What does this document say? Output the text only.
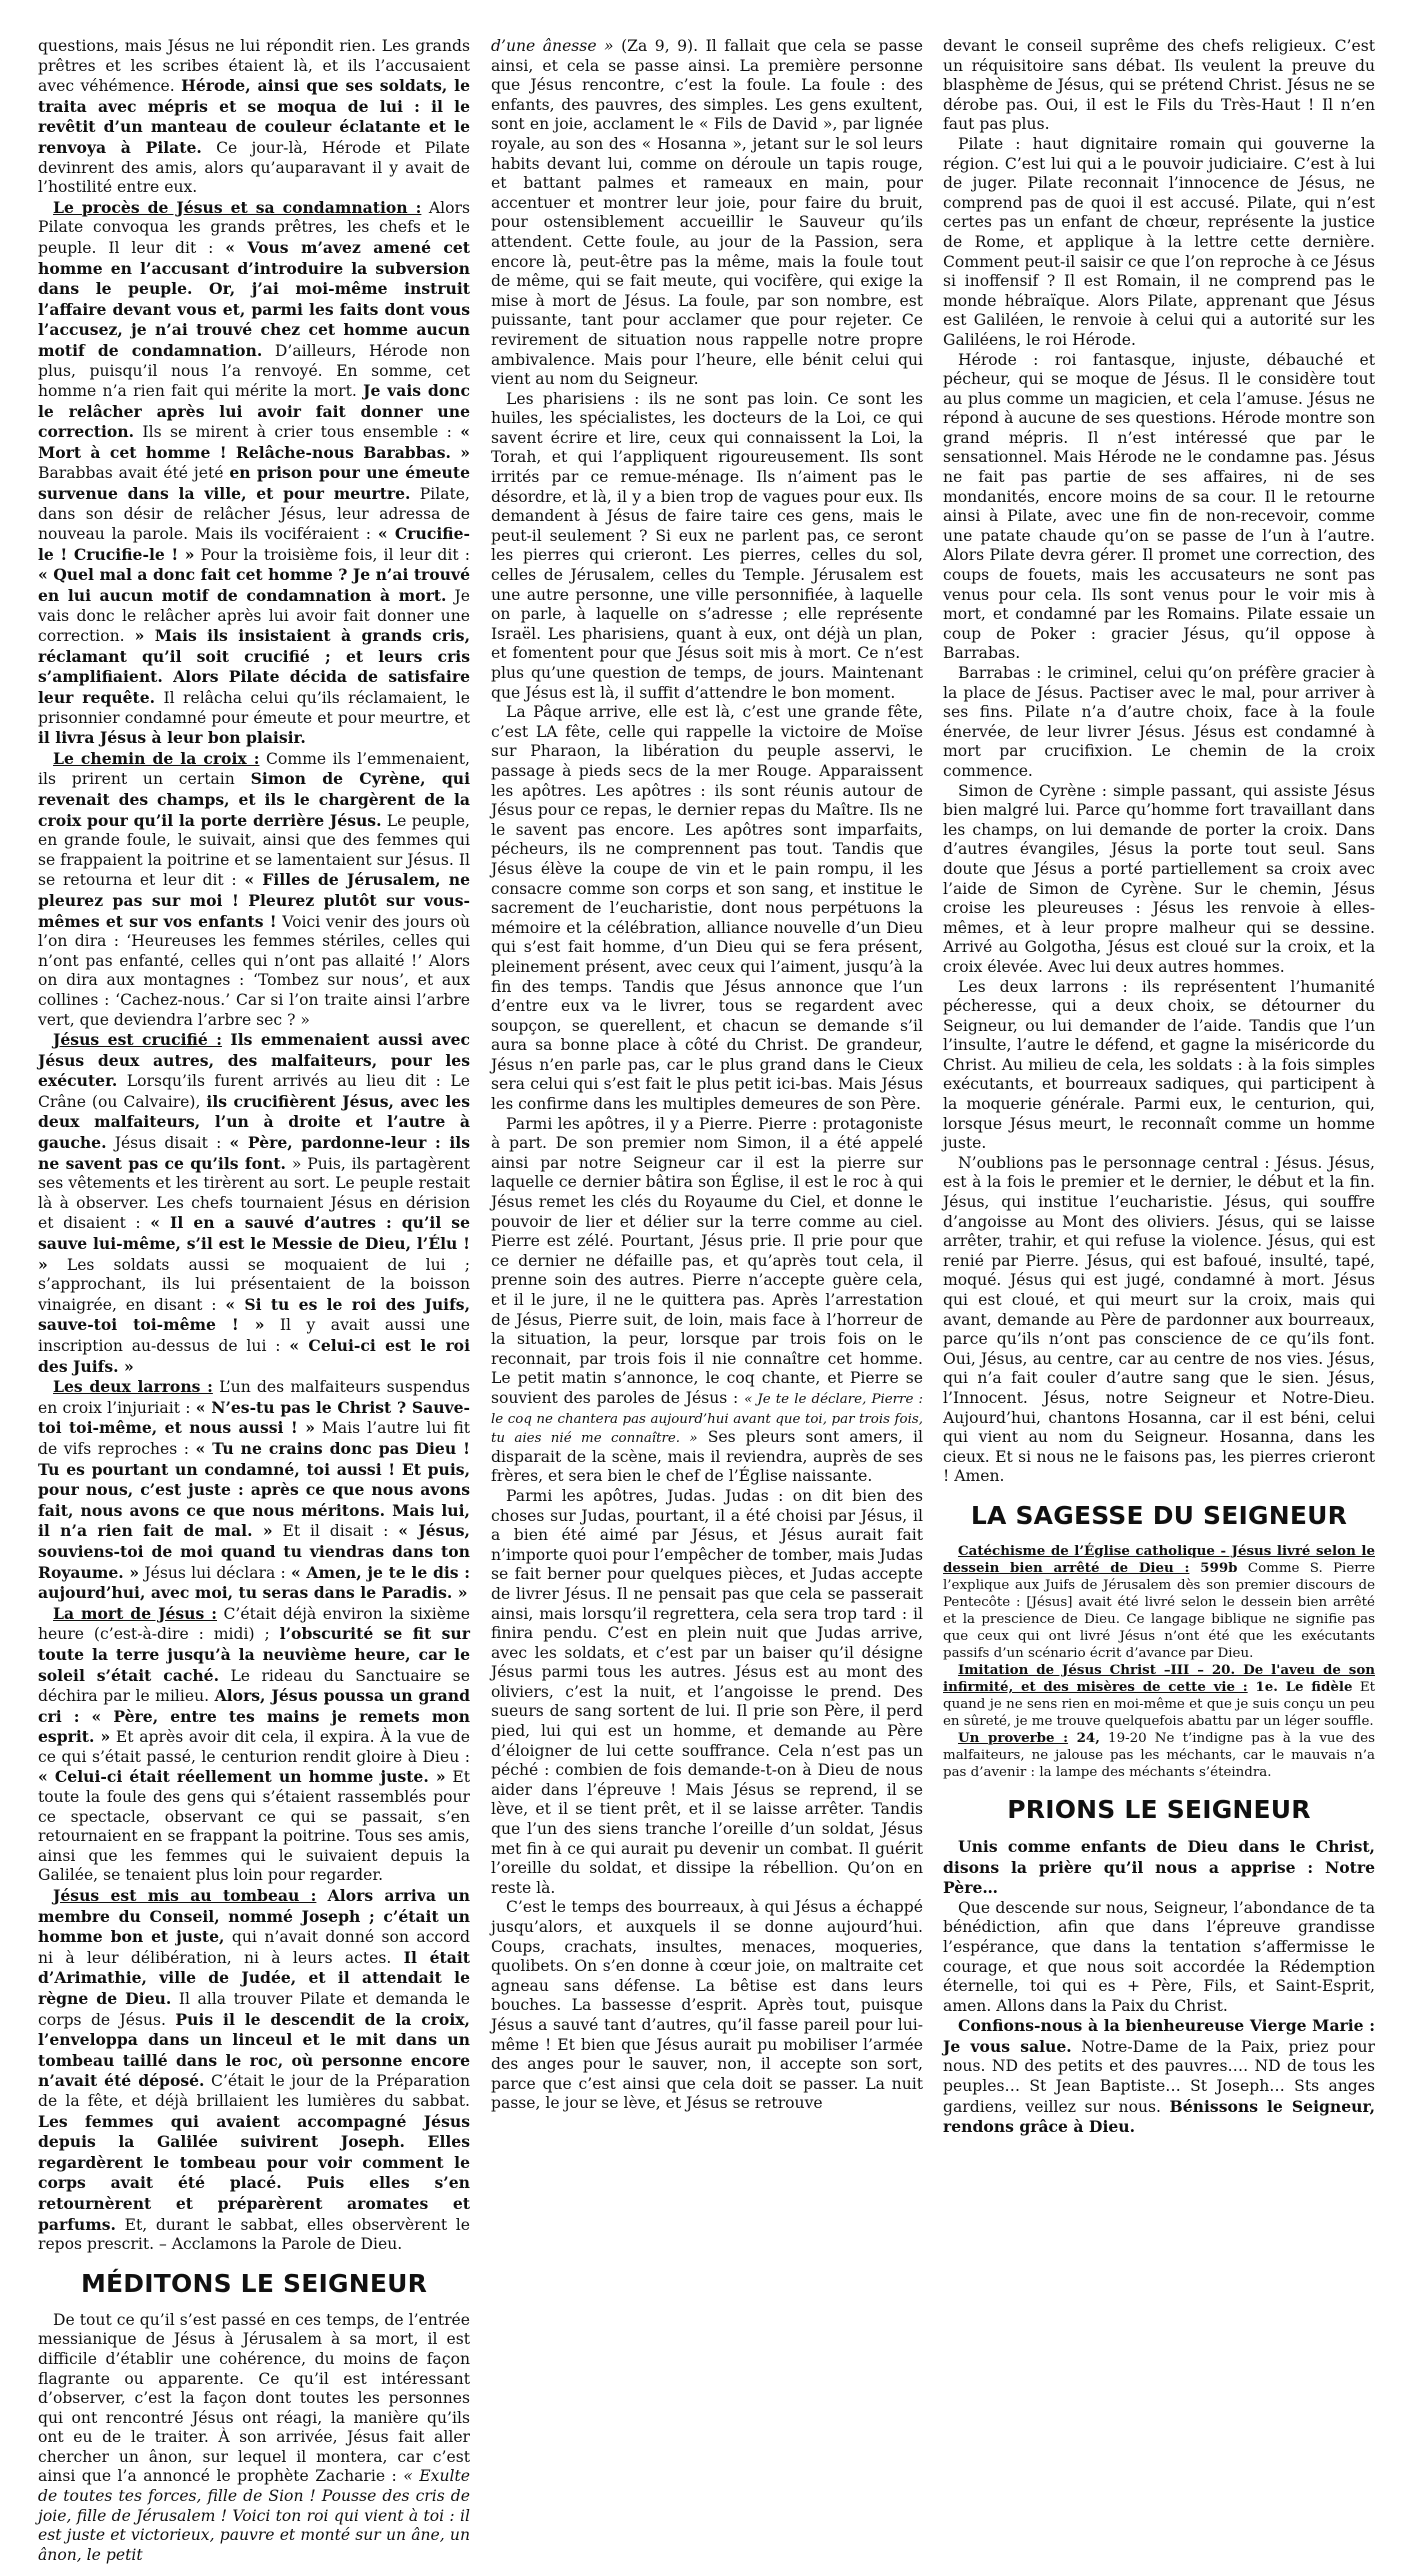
questions, mais Jésus ne lui répondit rien. Les grands prêtres et les scribes étaient là, et ils l’accusaient avec véhémence. Hérode, ainsi que ses soldats, le traita avec mépris et se moqua de lui : il le revêtit d’un manteau de couleur éclatante et le renvoya à Pilate. Ce jour-là, Hérode et Pilate devinrent des amis, alors qu’auparavant il y avait de l’hostilité entre eux.

Le procès de Jésus et sa condamnation : Alors Pilate convoqua les grands prêtres, les chefs et le peuple. Il leur dit : « Vous m’avez amené cet homme en l’accusant d’introduire la subversion dans le peuple. Or, j’ai moi-même instruit l’affaire devant vous et, parmi les faits dont vous l’accusez, je n’ai trouvé chez cet homme aucun motif de condamnation. D’ailleurs, Hérode non plus, puisqu’il nous l’a renvoyé. En somme, cet homme n’a rien fait qui mérite la mort. Je vais donc le relâcher après lui avoir fait donner une correction. Ils se mirent à crier tous ensemble : « Mort à cet homme ! Relâche-nous Barabbas. » Barabbas avait été jeté en prison pour une émeute survenue dans la ville, et pour meurtre. Pilate, dans son désir de relâcher Jésus, leur adressa de nouveau la parole. Mais ils vociféraient : « Crucifie-le ! Crucifie-le ! » Pour la troisième fois, il leur dit : « Quel mal a donc fait cet homme ? Je n’ai trouvé en lui aucun motif de condamnation à mort. Je vais donc le relâcher après lui avoir fait donner une correction. » Mais ils insistaient à grands cris, réclamant qu’il soit crucifié ; et leurs cris s’amplifiaient. Alors Pilate décida de satisfaire leur requête. Il relâcha celui qu’ils réclamaient, le prisonnier condamné pour émeute et pour meurtre, et il livra Jésus à leur bon plaisir.

Le chemin de la croix : Comme ils l’emmenaient, ils prirent un certain Simon de Cyrène, qui revenait des champs, et ils le chargèrent de la croix pour qu’il la porte derrière Jésus. Le peuple, en grande foule, le suivait, ainsi que des femmes qui se frappaient la poitrine et se lamentaient sur Jésus. Il se retourna et leur dit : « Filles de Jérusalem, ne pleurez pas sur moi ! Pleurez plutôt sur vous-mêmes et sur vos enfants ! Voici venir des jours où l’on dira : ‘Heureuses les femmes stériles, celles qui n’ont pas enfanté, celles qui n’ont pas allaité !’ Alors on dira aux montagnes : ‘Tombez sur nous’, et aux collines : ‘Cachez-nous.’ Car si l’on traite ainsi l’arbre vert, que deviendra l’arbre sec ? »

Jésus est crucifié : Ils emmenaient aussi avec Jésus deux autres, des malfaiteurs, pour les exécuter. Lorsqu’ils furent arrivés au lieu dit : Le Crâne (ou Calvaire), ils crucifièrent Jésus, avec les deux malfaiteurs, l’un à droite et l’autre à gauche. Jésus disait : « Père, pardonne-leur : ils ne savent pas ce qu’ils font. » Puis, ils partagèrent ses vêtements et les tirèrent au sort. Le peuple restait là à observer. Les chefs tournaient Jésus en dérision et disaient : « Il en a sauvé d’autres : qu’il se sauve lui-même, s’il est le Messie de Dieu, l’Élu ! » Les soldats aussi se moquaient de lui ; s’approchant, ils lui présentaient de la boisson vinaigrée, en disant : « Si tu es le roi des Juifs, sauve-toi toi-même ! » Il y avait aussi une inscription au-dessus de lui : « Celui-ci est le roi des Juifs. »

Les deux larrons : L’un des malfaiteurs suspendus en croix l’injuriait : « N’es-tu pas le Christ ? Sauve-toi toi-même, et nous aussi ! » Mais l’autre lui fit de vifs reproches : « Tu ne crains donc pas Dieu ! Tu es pourtant un condamné, toi aussi ! Et puis, pour nous, c’est juste : après ce que nous avons fait, nous avons ce que nous méritons. Mais lui, il n’a rien fait de mal. » Et il disait : « Jésus, souviens-toi de moi quand tu viendras dans ton Royaume. » Jésus lui déclara : « Amen, je te le dis : aujourd’hui, avec moi, tu seras dans le Paradis. »

La mort de Jésus : C’était déjà environ la sixième heure (c’est-à-dire : midi) ; l’obscurité se fit sur toute la terre jusqu’à la neuvième heure, car le soleil s’était caché. Le rideau du Sanctuaire se déchira par le milieu. Alors, Jésus poussa un grand cri : « Père, entre tes mains je remets mon esprit. » Et après avoir dit cela, il expira. À la vue de ce qui s’était passé, le centurion rendit gloire à Dieu : « Celui-ci était réellement un homme juste. » Et toute la foule des gens qui s’étaient rassemblés pour ce spectacle, observant ce qui se passait, s’en retournaient en se frappant la poitrine. Tous ses amis, ainsi que les femmes qui le suivaient depuis la Galilée, se tenaient plus loin pour regarder.

Jésus est mis au tombeau : Alors arriva un membre du Conseil, nommé Joseph ; c’était un homme bon et juste, qui n’avait donné son accord ni à leur délibération, ni à leurs actes. Il était d’Arimathie, ville de Judée, et il attendait le règne de Dieu. Il alla trouver Pilate et demanda le corps de Jésus. Puis il le descendit de la croix, l’enveloppa dans un linceul et le mit dans un tombeau taillé dans le roc, où personne encore n’avait été déposé. C’était le jour de la Préparation de la fête, et déjà brillaient les lumières du sabbat. Les femmes qui avaient accompagné Jésus depuis la Galilée suivirent Joseph. Elles regardèrent le tombeau pour voir comment le corps avait été placé. Puis elles s’en retournèrent et préparèrent aromates et parfums. Et, durant le sabbat, elles observèrent le repos prescrit. – Acclamons la Parole de Dieu.

MÉDITONS LE SEIGNEUR

De tout ce qu’il s’est passé en ces temps, de l’entrée messianique de Jésus à Jérusalem à sa mort, il est difficile d’établir une cohérence, du moins de façon flagrante ou apparente. Ce qu’il est intéressant d’observer, c’est la façon dont toutes les personnes qui ont rencontré Jésus ont réagi, la manière qu’ils ont eu de le traiter. À son arrivée, Jésus fait aller chercher un ânon, sur lequel il montera, car c’est ainsi que l’a annoncé le prophète Zacharie : « Exulte de toutes tes forces, fille de Sion ! Pousse des cris de joie, fille de Jérusalem ! Voici ton roi qui vient à toi : il est juste et victorieux, pauvre et monté sur un âne, un ânon, le petit

d’une ânesse » (Za 9, 9). Il fallait que cela se passe ainsi, et cela se passe ainsi. La première personne que Jésus rencontre, c’est la foule. La foule : des enfants, des pauvres, des simples. Les gens exultent, sont en joie, acclament le « Fils de David », par lignée royale, au son des « Hosanna », jetant sur le sol leurs habits devant lui, comme on déroule un tapis rouge, et battant palmes et rameaux en main, pour accentuer et montrer leur joie, pour faire du bruit, pour ostensiblement accueillir le Sauveur qu’ils attendent. Cette foule, au jour de la Passion, sera encore là, peut-être pas la même, mais la foule tout de même, qui se fait meute, qui vocifère, qui exige la mise à mort de Jésus. La foule, par son nombre, est puissante, tant pour acclamer que pour rejeter. Ce revirement de situation nous rappelle notre propre ambivalence. Mais pour l’heure, elle bénit celui qui vient au nom du Seigneur.

Les pharisiens : ils ne sont pas loin. Ce sont les huiles, les spécialistes, les docteurs de la Loi, ce qui savent écrire et lire, ceux qui connaissent la Loi, la Torah, et qui l’appliquent rigoureusement. Ils sont irrités par ce remue-ménage. Ils n’aiment pas le désordre, et là, il y a bien trop de vagues pour eux. Ils demandent à Jésus de faire taire ces gens, mais le peut-il seulement ? Si eux ne parlent pas, ce seront les pierres qui crieront. Les pierres, celles du sol, celles de Jérusalem, celles du Temple. Jérusalem est une autre personne, une ville personnifiée, à laquelle on parle, à laquelle on s’adresse ; elle représente Israël. Les pharisiens, quant à eux, ont déjà un plan, et fomentent pour que Jésus soit mis à mort. Ce n’est plus qu’une question de temps, de jours. Maintenant que Jésus est là, il suffit d’attendre le bon moment.

La Pâque arrive, elle est là, c’est une grande fête, c’est LA fête, celle qui rappelle la victoire de Moïse sur Pharaon, la libération du peuple asservi, le passage à pieds secs de la mer Rouge. Apparaissent les apôtres. Les apôtres : ils sont réunis autour de Jésus pour ce repas, le dernier repas du Maître. Ils ne le savent pas encore. Les apôtres sont imparfaits, pécheurs, ils ne comprennent pas tout. Tandis que Jésus élève la coupe de vin et le pain rompu, il les consacre comme son corps et son sang, et institue le sacrement de l’eucharistie, dont nous perpétuons la mémoire et la célébration, alliance nouvelle d’un Dieu qui s’est fait homme, d’un Dieu qui se fera présent, pleinement présent, avec ceux qui l’aiment, jusqu’à la fin des temps. Tandis que Jésus annonce que l’un d’entre eux va le livrer, tous se regardent avec soupçon, se querellent, et chacun se demande s’il aura sa bonne place à côté du Christ. De grandeur, Jésus n’en parle pas, car le plus grand dans le Cieux sera celui qui s’est fait le plus petit ici-bas. Mais Jésus les confirme dans les multiples demeures de son Père.

Parmi les apôtres, il y a Pierre. Pierre : protagoniste à part. De son premier nom Simon, il a été appelé ainsi par notre Seigneur car il est la pierre sur laquelle ce dernier bâtira son Église, il est le roc à qui Jésus remet les clés du Royaume du Ciel, et donne le pouvoir de lier et délier sur la terre comme au ciel. Pierre est zélé. Pourtant, Jésus prie. Il prie pour que ce dernier ne défaille pas, et qu’après tout cela, il prenne soin des autres. Pierre n’accepte guère cela, et il le jure, il ne le quittera pas. Après l’arrestation de Jésus, Pierre suit, de loin, mais face à l’horreur de la situation, la peur, lorsque par trois fois on le reconnait, par trois fois il nie connaître cet homme. Le petit matin s’annonce, le coq chante, et Pierre se souvient des paroles de Jésus : « Je te le déclare, Pierre : le coq ne chantera pas aujourd’hui avant que toi, par trois fois, tu aies nié me connaître. » Ses pleurs sont amers, il disparait de la scène, mais il reviendra, auprès de ses frères, et sera bien le chef de l’Église naissante.

Parmi les apôtres, Judas. Judas : on dit bien des choses sur Judas, pourtant, il a été choisi par Jésus, il a bien été aimé par Jésus, et Jésus aurait fait n’importe quoi pour l’empêcher de tomber, mais Judas se fait berner pour quelques pièces, et Judas accepte de livrer Jésus. Il ne pensait pas que cela se passerait ainsi, mais lorsqu’il regrettera, cela sera trop tard : il finira pendu. C’est en plein nuit que Judas arrive, avec les soldats, et c’est par un baiser qu’il désigne Jésus parmi tous les autres. Jésus est au mont des oliviers, c’est la nuit, et l’angoisse le prend. Des sueurs de sang sortent de lui. Il prie son Père, il perd pied, lui qui est un homme, et demande au Père d’éloigner de lui cette souffrance. Cela n’est pas un péché : combien de fois demande-t-on à Dieu de nous aider dans l’épreuve ! Mais Jésus se reprend, il se lève, et il se tient prêt, et il se laisse arrêter. Tandis que l’un des siens tranche l’oreille d’un soldat, Jésus met fin à ce qui aurait pu devenir un combat. Il guérit l’oreille du soldat, et dissipe la rébellion. Qu’on en reste là.

C’est le temps des bourreaux, à qui Jésus a échappé jusqu’alors, et auxquels il se donne aujourd’hui. Coups, crachats, insultes, menaces, moqueries, quolibets. On s’en donne à cœur joie, on maltraite cet agneau sans défense. La bêtise est dans leurs bouches. La bassesse d’esprit. Après tout, puisque Jésus a sauvé tant d’autres, qu’il fasse pareil pour lui-même ! Et bien que Jésus aurait pu mobiliser l’armée des anges pour le sauver, non, il accepte son sort, parce que c’est ainsi que cela doit se passer. La nuit passe, le jour se lève, et Jésus se retrouve

devant le conseil suprême des chefs religieux. C’est un réquisitoire sans débat. Ils veulent la preuve du blasphème de Jésus, qui se prétend Christ. Jésus ne se dérobe pas. Oui, il est le Fils du Très-Haut ! Il n’en faut pas plus.

Pilate : haut dignitaire romain qui gouverne la région. C’est lui qui a le pouvoir judiciaire. C’est à lui de juger. Pilate reconnait l’innocence de Jésus, ne comprend pas de quoi il est accusé. Pilate, qui n’est certes pas un enfant de chœur, représente la justice de Rome, et applique à la lettre cette dernière. Comment peut-il saisir ce que l’on reproche à ce Jésus si inoffensif ? Il est Romain, il ne comprend pas le monde hébraïque. Alors Pilate, apprenant que Jésus est Galiléen, le renvoie à celui qui a autorité sur les Galiléens, le roi Hérode.

Hérode : roi fantasque, injuste, débauché et pécheur, qui se moque de Jésus. Il le considère tout au plus comme un magicien, et cela l’amuse. Jésus ne répond à aucune de ses questions. Hérode montre son grand mépris. Il n’est intéressé que par le sensationnel. Mais Hérode ne le condamne pas. Jésus ne fait pas partie de ses affaires, ni de ses mondanités, encore moins de sa cour. Il le retourne ainsi à Pilate, avec une fin de non-recevoir, comme une patate chaude qu’on se passe de l’un à l’autre. Alors Pilate devra gérer. Il promet une correction, des coups de fouets, mais les accusateurs ne sont pas venus pour cela. Ils sont venus pour le voir mis à mort, et condamné par les Romains. Pilate essaie un coup de Poker : gracier Jésus, qu’il oppose à Barrabas.

Barrabas : le criminel, celui qu’on préfère gracier à la place de Jésus. Pactiser avec le mal, pour arriver à ses fins. Pilate n’a d’autre choix, face à la foule énervée, de leur livrer Jésus. Jésus est condamné à mort par crucifixion. Le chemin de la croix commence.

Simon de Cyrène : simple passant, qui assiste Jésus bien malgré lui. Parce qu’homme fort travaillant dans les champs, on lui demande de porter la croix. Dans d’autres évangiles, Jésus la porte tout seul. Sans doute que Jésus a porté partiellement sa croix avec l’aide de Simon de Cyrène. Sur le chemin, Jésus croise les pleureuses : Jésus les renvoie à elles-mêmes, et à leur propre malheur qui se dessine. Arrivé au Golgotha, Jésus est cloué sur la croix, et la croix élevée. Avec lui deux autres hommes.

Les deux larrons : ils représentent l’humanité pécheresse, qui a deux choix, se détourner du Seigneur, ou lui demander de l’aide. Tandis que l’un l’insulte, l’autre le défend, et gagne la miséricorde du Christ. Au milieu de cela, les soldats : à la fois simples exécutants, et bourreaux sadiques, qui participent à la moquerie générale. Parmi eux, le centurion, qui, lorsque Jésus meurt, le reconnaît comme un homme juste.

N’oublions pas le personnage central : Jésus. Jésus, est à la fois le premier et le dernier, le début et la fin. Jésus, qui institue l’eucharistie. Jésus, qui souffre d’angoisse au Mont des oliviers. Jésus, qui se laisse arrêter, trahir, et qui refuse la violence. Jésus, qui est renié par Pierre. Jésus, qui est bafoué, insulté, tapé, moqué. Jésus qui est jugé, condamné à mort. Jésus qui est cloué, et qui meurt sur la croix, mais qui avant, demande au Père de pardonner aux bourreaux, parce qu’ils n’ont pas conscience de ce qu’ils font. Oui, Jésus, au centre, car au centre de nos vies. Jésus, qui n’a fait couler d’autre sang que le sien. Jésus, l’Innocent. Jésus, notre Seigneur et Notre-Dieu. Aujourd’hui, chantons Hosanna, car il est béni, celui qui vient au nom du Seigneur. Hosanna, dans les cieux. Et si nous ne le faisons pas, les pierres crieront ! Amen.

LA SAGESSE DU SEIGNEUR

Catéchisme de l’Église catholique - Jésus livré selon le dessein bien arrêté de Dieu : 599b Comme S. Pierre l’explique aux Juifs de Jérusalem dès son premier discours de Pentecôte : [Jésus] avait été livré selon le dessein bien arrêté et la prescience de Dieu. Ce langage biblique ne signifie pas que ceux qui ont livré Jésus n’ont été que les exécutants passifs d’un scénario écrit d’avance par Dieu.

Imitation de Jésus Christ –III – 20. De l'aveu de son infirmité, et des misères de cette vie : 1e. Le fidèle Et quand je ne sens rien en moi-même et que je suis conçu un peu en sûreté, je me trouve quelquefois abattu par un léger souffle.

Un proverbe : 24, 19-20 Ne t’indigne pas à la vue des malfaiteurs, ne jalouse pas les méchants, car le mauvais n’a pas d’avenir : la lampe des méchants s’éteindra.

PRIONS LE SEIGNEUR

Unis comme enfants de Dieu dans le Christ, disons la prière qu’il nous a apprise : Notre Père…

Que descende sur nous, Seigneur, l’abondance de ta bénédiction, afin que dans l’épreuve grandisse l’espérance, que dans la tentation s’affermisse le courage, et que nous soit accordée la Rédemption éternelle, toi qui es + Père, Fils, et Saint-Esprit, amen. Allons dans la Paix du Christ.

Confions-nous à la bienheureuse Vierge Marie : Je vous salue. Notre-Dame de la Paix, priez pour nous. ND des petits et des pauvres…. ND de tous les peuples… St Jean Baptiste… St Joseph… Sts anges gardiens, veillez sur nous. Bénissons le Seigneur, rendons grâce à Dieu.
